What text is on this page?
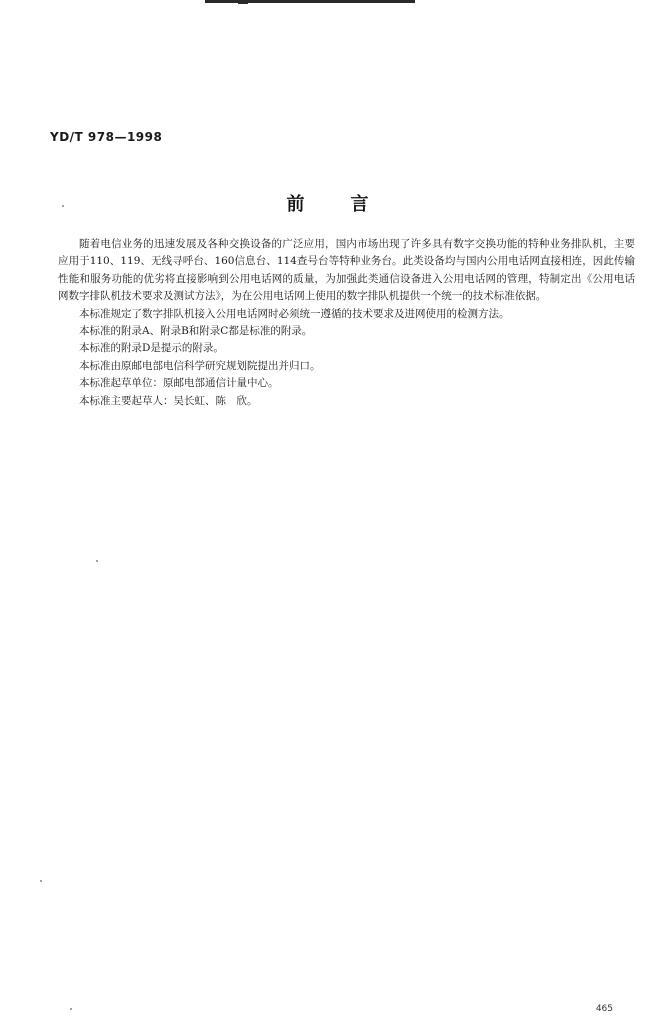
YD/T 978—1998
前言

随着电信业务的迅速发展及各种交换设备的广泛应用，国内市场出现了许多具有数字交换功能的特种业务排队机，主要应用于110、119、无线寻呼台、160信息台、114查号台等特种业务台。此类设备均与国内公用电话网直接相连，因此传输性能和服务功能的优劣将直接影响到公用电话网的质量，为加强此类通信设备进入公用电话网的管理，特制定出《公用电话网数字排队机技术要求及测试方法》，为在公用电话网上使用的数字排队机提供一个统一的技术标准依据。

本标准规定了数字排队机接入公用电话网时必须统一遵循的技术要求及进网使用的检测方法。

本标准的附录A、附录B和附录C都是标准的附录。

本标准的附录D是提示的附录。

本标准由原邮电部电信科学研究规划院提出并归口。

本标准起草单位：原邮电部通信计量中心。

本标准主要起草人：吴长虹、陈　欣。

465
